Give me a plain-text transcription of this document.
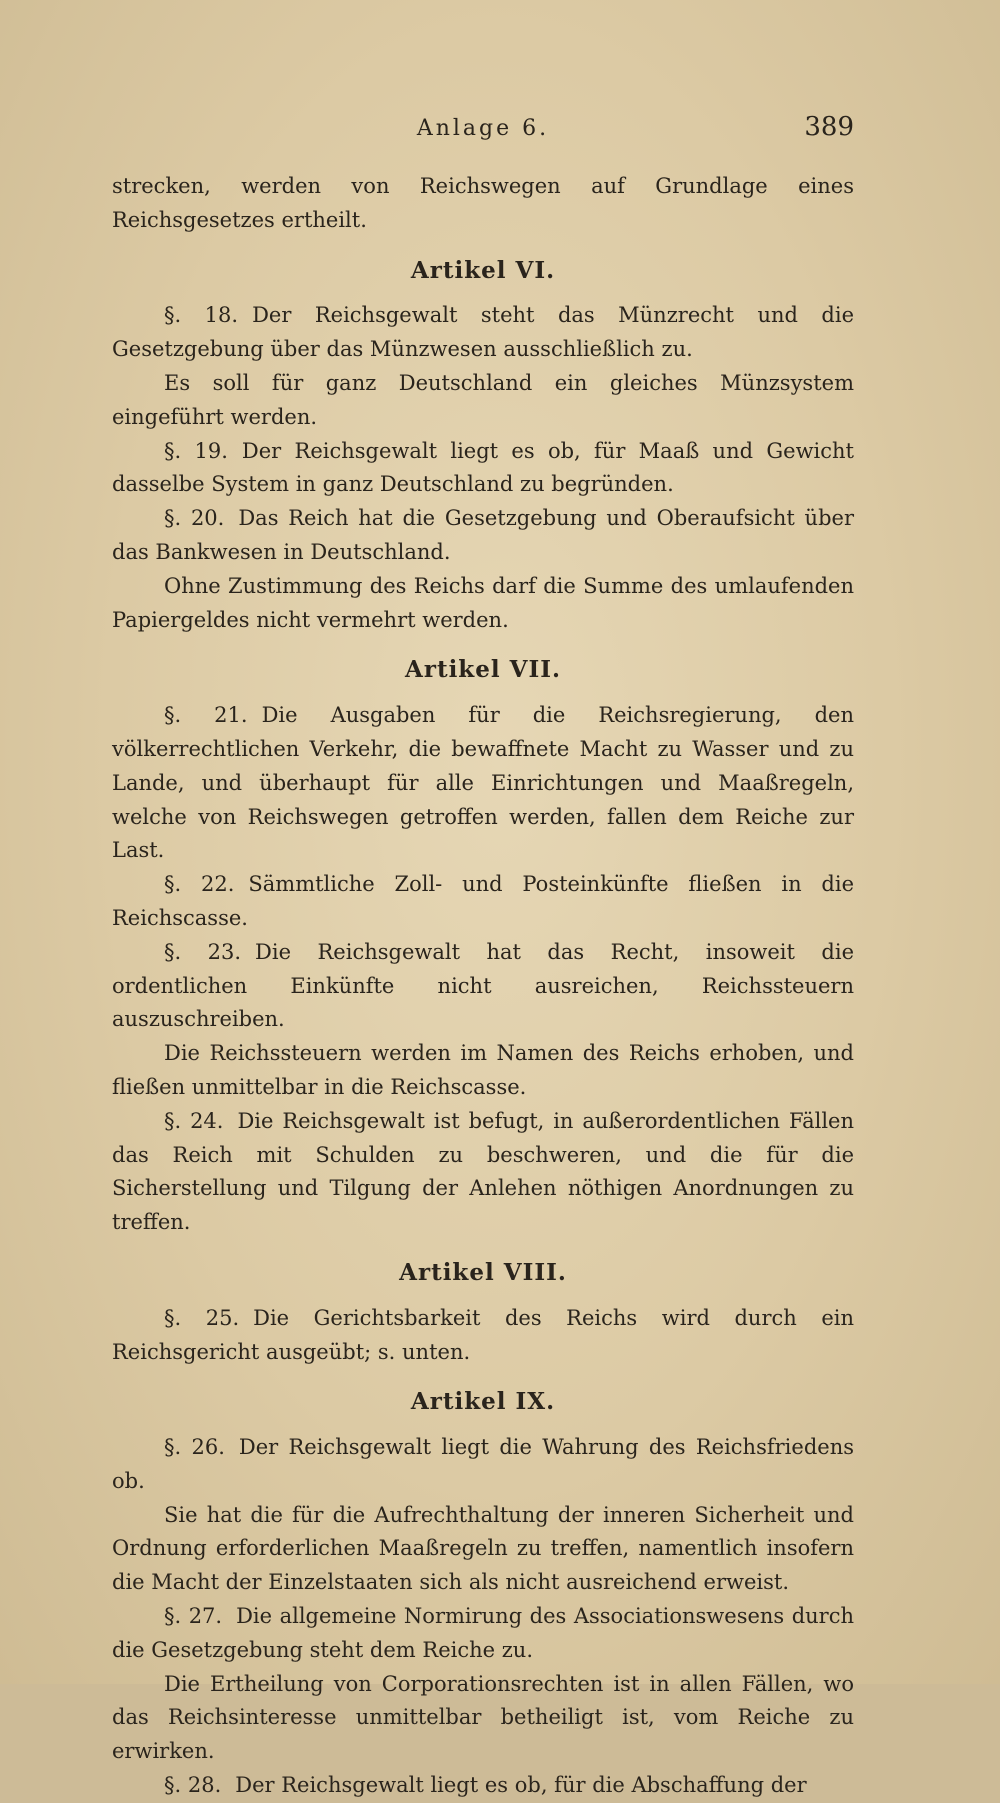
Anlage 6.	389

strecken, werden von Reichswegen auf Grundlage eines Reichsgesetzes ertheilt.

Artikel VI.

§. 18. Der Reichsgewalt steht das Münzrecht und die Gesetzgebung über das Münzwesen ausschließlich zu.

Es soll für ganz Deutschland ein gleiches Münzsystem eingeführt werden.

§. 19. Der Reichsgewalt liegt es ob, für Maaß und Gewicht dasselbe System in ganz Deutschland zu begründen.

§. 20. Das Reich hat die Gesetzgebung und Oberaufsicht über das Bankwesen in Deutschland.

Ohne Zustimmung des Reichs darf die Summe des umlaufenden Papiergeldes nicht vermehrt werden.

Artikel VII.

§. 21. Die Ausgaben für die Reichsregierung, den völkerrechtlichen Verkehr, die bewaffnete Macht zu Wasser und zu Lande, und überhaupt für alle Einrichtungen und Maaßregeln, welche von Reichswegen getroffen werden, fallen dem Reiche zur Last.

§. 22. Sämmtliche Zoll- und Posteinkünfte fließen in die Reichscasse.

§. 23. Die Reichsgewalt hat das Recht, insoweit die ordentlichen Einkünfte nicht ausreichen, Reichssteuern auszuschreiben.

Die Reichssteuern werden im Namen des Reichs erhoben, und fließen unmittelbar in die Reichscasse.

§. 24. Die Reichsgewalt ist befugt, in außerordentlichen Fällen das Reich mit Schulden zu beschweren, und die für die Sicherstellung und Tilgung der Anlehen nöthigen Anordnungen zu treffen.

Artikel VIII.

§. 25. Die Gerichtsbarkeit des Reichs wird durch ein Reichsgericht ausgeübt; s. unten.

Artikel IX.

§. 26. Der Reichsgewalt liegt die Wahrung des Reichsfriedens ob.

Sie hat die für die Aufrechthaltung der inneren Sicherheit und Ordnung erforderlichen Maaßregeln zu treffen, namentlich insofern die Macht der Einzelstaaten sich als nicht ausreichend erweist.

§. 27. Die allgemeine Normirung des Associationswesens durch die Gesetzgebung steht dem Reiche zu.

Die Ertheilung von Corporationsrechten ist in allen Fällen, wo das Reichsinteresse unmittelbar betheiligt ist, vom Reiche zu erwirken.

§. 28. Der Reichsgewalt liegt es ob, für die Abschaffung der
